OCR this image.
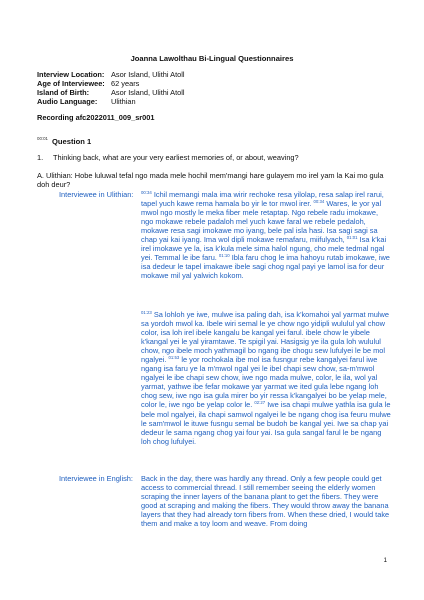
Joanna Lawolthau Bi-Lingual Questionnaires
Interview Location: Asor Island, Ulithi Atoll
Age of Interviewee: 62 years
Island of Birth:	Asor Island, Ulithi Atoll
Audio Language:	Ulithian
Recording afc2022011_009_sr001
00:01 Question 1
1. Thinking back, what are your very earliest memories of, or about, weaving?
A. Ulithian: Hobe luluwal tefal ngo mada mele hochil mem'mangi hare gulayem mo irel yam la Kai mo gula doh deur?
Interviewee in Ulithian: $^{00:34}$ Ichil memangi mala ima wirir rechoke resa yilolap, resa salap irel rarui, tapel yuch kawe rema hamala bo yir le tor mwol irer. $^{00:34}$ Wares, le yor yal mwol ngo mostly le meka fiber mele retaptap. Ngo rebele radu imokawe, ngo mokawe rebele padaloh mel yuch kawe faral we rebele pedaloh, mokawe resa sagi imokawe mo iyang, bele pal isla hasi. Isa sagi sagi sa chap yai kai iyang. Ima wol dipli mokawe remafaru, miifulyach, $^{01:01}$ Isa k'kai irel imokawe ye la, isa k'kula mele sima halol ngung, cho mele tedmal ngal yei. Temmal le ibe faru. $^{01:10}$ Ibla faru chog le ima hahoyu rutab imokawe, iwe isa dedeur le tapel imakawe ibele sagi chog ngal payi ye lamol isa for deur mokawe mil yal yalwich kokom.

$^{01:23}$ Sa lohloh ye iwe, mulwe isa paling dah, isa k'komahoi yal yarmat mulwe sa yordoh mwol ka. Ibele wiri semal le ye chow ngo yidipli wululul yal chow color, isa loh irel ibele kangalu be kangal yei farul. ibele chow le yibele k'kangal yei le yal yiramtawe. Te spigil yai. Hasigsig ye ila gula loh wululul chow, ngo ibele moch yathmagil bo ngang ibe chogu sew lufulyei le be mol ngalyei. $^{01:53}$ le yor rochokala ibe mol isa fusngur rebe kangalyei farul iwe ngang isa faru ye la m'mwol ngal yei le ibel chapi sew chow, sa-m'mwol ngalyei le ibe chapi sew chow, iwe ngo mada mulwe, color, le ila, wol yal yarmat, yathwe ibe fefar mokawe yar yarmat we ited gula lebe ngang loh chog sew, iwe ngo isa gula mirer bo yir ressa k'kangalyei bo be yelap mele, color le, iwe ngo be yelap color le. $^{02:27}$ Iwe isa chapi mulwe yathla isa gula le bele mol ngalyei, ila chapi samwol ngalyei le be ngang chog isa feuru mulwe le sam'mwol le ituwe fusngu semal be budoh be kangal yei. Iwe sa chap yai dedeur le sama ngang chog yai four yai. Isa gula sangal farul le be ngang loh chog lufulyei.

Interviewee in English: Back in the day, there was hardly any thread. Only a few people could get access to commercial thread. I still remember seeing the elderly women scraping the inner layers of the banana plant to get the fibers. They were good at scraping and making the fibers. They would throw away the banana layers that they had already torn fibers from. When these dried, I would take them and make a toy loom and weave. From doing

1
